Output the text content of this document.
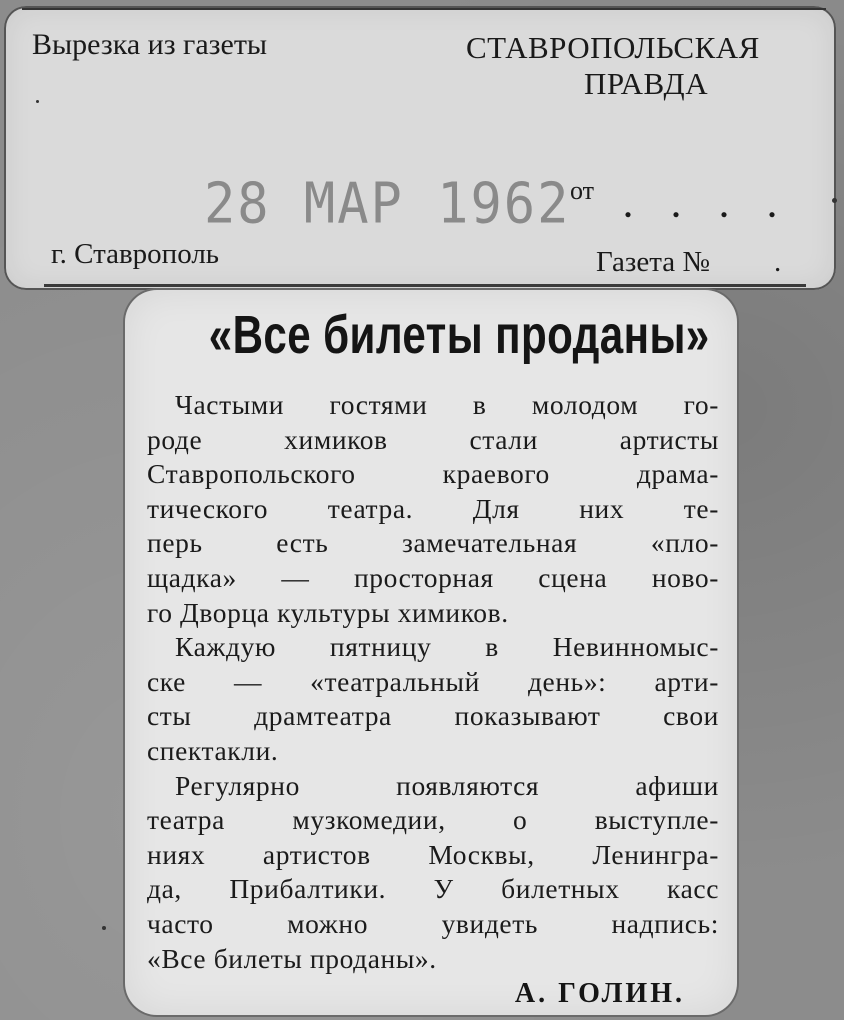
Вырезка из газеты	СТАВРОПОЛЬСКАЯ
ПРАВДА
28 МАР 1962 от . . . .
г. Ставрополь	Газета № .
«Все билеты проданы»
Частыми гостями в молодом го-
роде химиков стали артисты
Ставропольского краевого драма-
тического театра. Для них те-
перь есть замечательная «пло-
щадка» — просторная сцена ново-
го Дворца культуры химиков.
Каждую пятницу в Невинномыс-
ске — «театральный день»: арти-
сты драмтеатра показывают свои
спектакли.
Регулярно появляются афиши
театра музкомедии, о выступле-
ниях артистов Москвы, Ленингра-
да, Прибалтики. У билетных касс
часто можно увидеть надпись:
«Все билеты проданы».
А. ГОЛИН.
